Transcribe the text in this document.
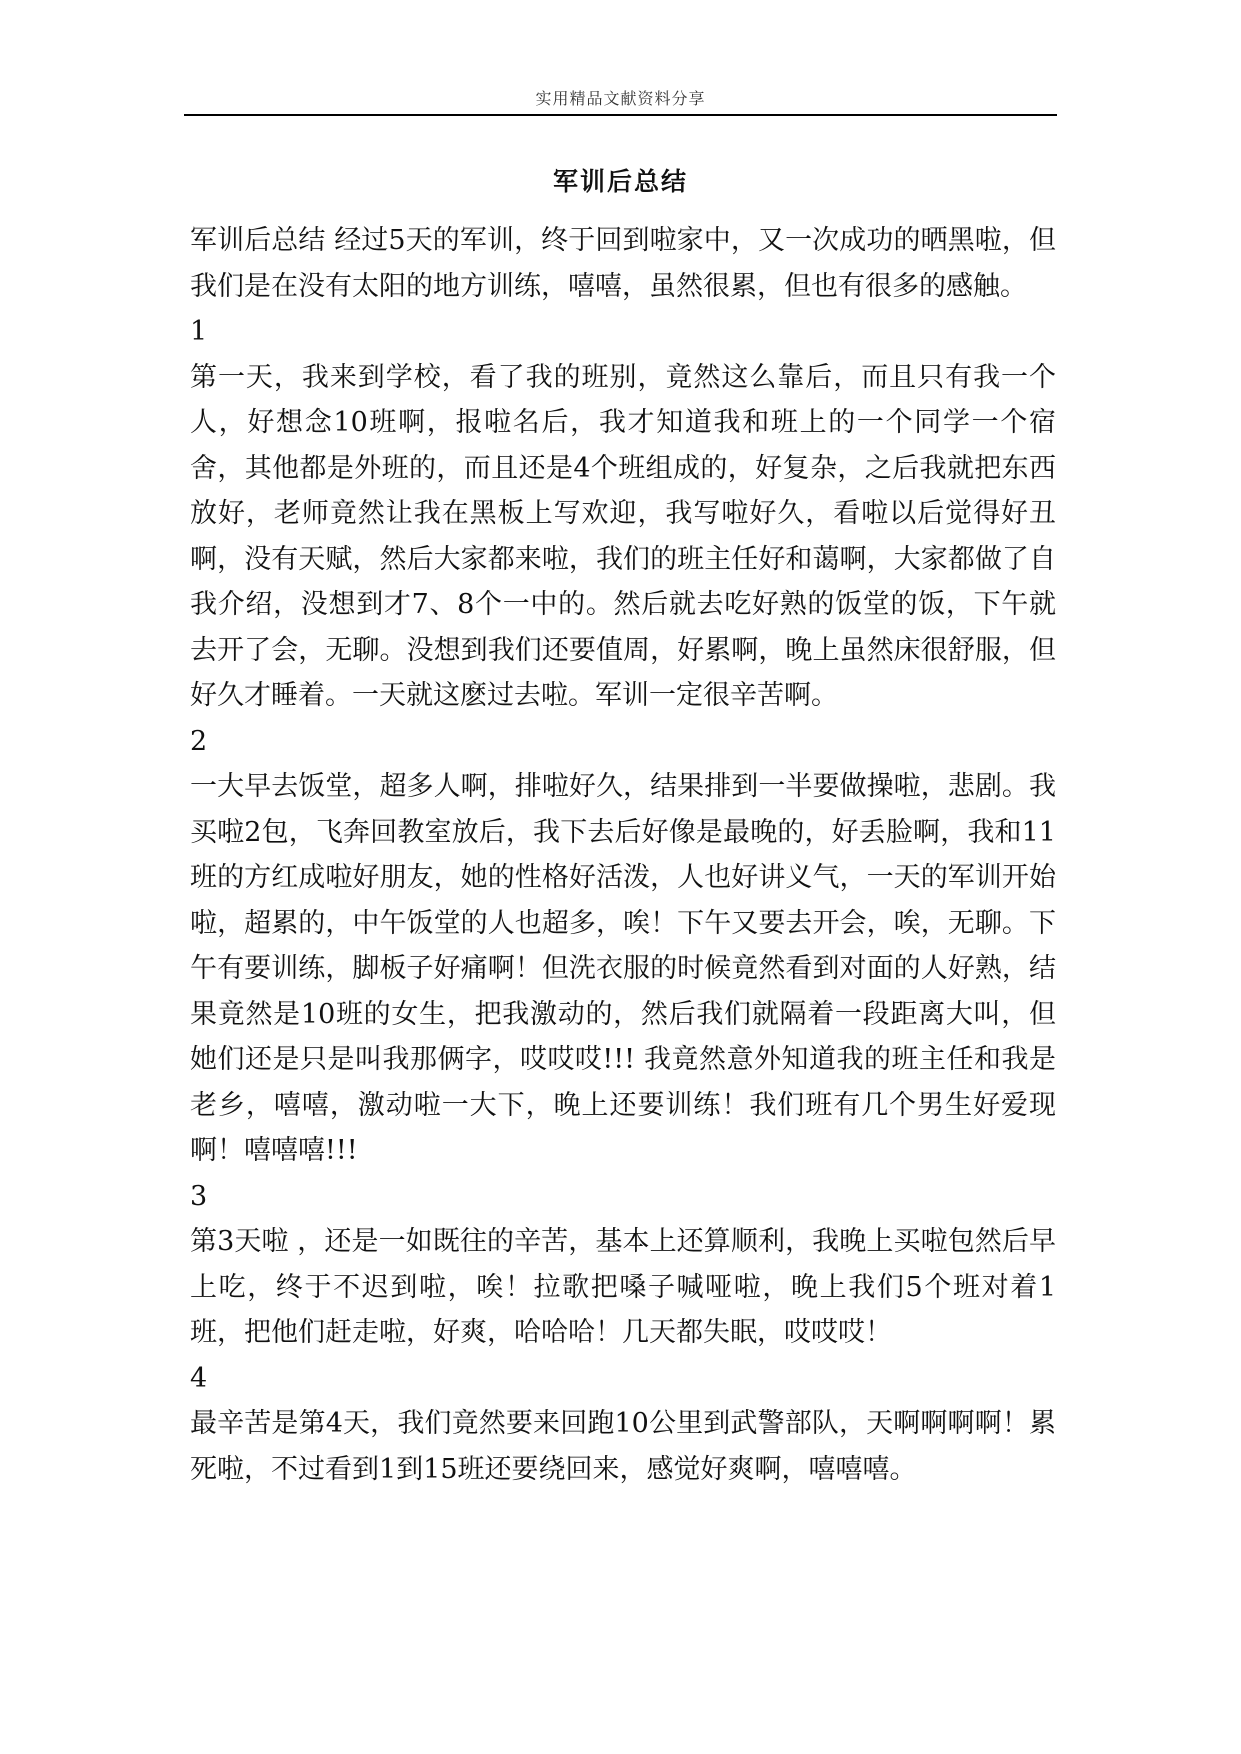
实用精品文献资料分享
军训后总结

军训后总结 经过5天的军训，终于回到啦家中，又一次成功的晒黑啦，但我们是在没有太阳的地方训练，嘻嘻，虽然很累，但也有很多的感触。

1

第一天，我来到学校，看了我的班别，竟然这么靠后，而且只有我一个人，好想念10班啊，报啦名后，我才知道我和班上的一个同学一个宿舍，其他都是外班的，而且还是4个班组成的，好复杂，之后我就把东西放好，老师竟然让我在黑板上写欢迎，我写啦好久，看啦以后觉得好丑啊，没有天赋，然后大家都来啦，我们的班主任好和蔼啊，大家都做了自我介绍，没想到才7、8个一中的。然后就去吃好熟的饭堂的饭，下午就去开了会，无聊。没想到我们还要值周，好累啊，晚上虽然床很舒服，但好久才睡着。一天就这麽过去啦。军训一定很辛苦啊。

2

一大早去饭堂，超多人啊，排啦好久，结果排到一半要做操啦，悲剧。我买啦2包，飞奔回教室放后，我下去后好像是最晚的，好丢脸啊，我和11班的方红成啦好朋友，她的性格好活泼，人也好讲义气，一天的军训开始啦，超累的，中午饭堂的人也超多，唉！下午又要去开会，唉，无聊。下午有要训练，脚板子好痛啊！但洗衣服的时候竟然看到对面的人好熟，结果竟然是10班的女生，把我激动的，然后我们就隔着一段距离大叫，但她们还是只是叫我那俩字，哎哎哎!!! 我竟然意外知道我的班主任和我是老乡，嘻嘻，激动啦一大下，晚上还要训练！我们班有几个男生好爱现啊！嘻嘻嘻!!!

3

第3天啦 ，还是一如既往的辛苦，基本上还算顺利，我晚上买啦包然后早上吃，终于不迟到啦，唉！拉歌把嗓子喊哑啦，晚上我们5个班对着1班，把他们赶走啦，好爽，哈哈哈！几天都失眠，哎哎哎！

4

最辛苦是第4天，我们竟然要来回跑10公里到武警部队，天啊啊啊啊！累死啦，不过看到1到15班还要绕回来，感觉好爽啊，嘻嘻嘻。
